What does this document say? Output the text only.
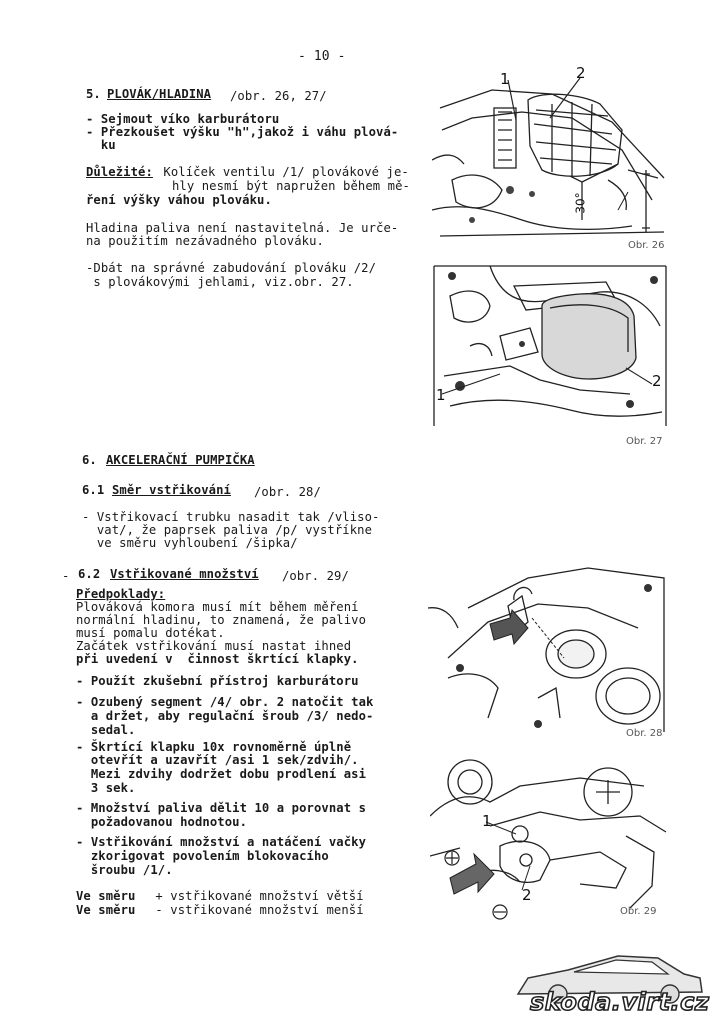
- 10 -
5. PLOVÁK/HLADINA /obr. 26, 27/
- Sejmout víko karburátoru
- Přezkoušet výšku "h",jakož i váhu plová-
ku
Důležité: Kolíček ventilu /1/ plovákové je-
hly nesmí být napružen během mě-
ření výšky váhou plováku.
Hladina paliva není nastavitelná. Je urče-
na použitím nezávadného plováku.
-Dbát na správné zabudování plováku /2/
s plovákovými jehlami, viz.obr. 27.
6. AKCELERAČNÍ PUMPIČKA
6.1 Směr vstřikování /obr. 28/
- Vstřikovací trubku nasadit tak /vliso-
vat/, že paprsek paliva /p/ vystříkne
ve směru vyhloubení /šipka/
- 6.2 Vstřikované množství /obr. 29/
Předpoklady:
Plováková komora musí mít během měření
normální hladinu, to znamená, že palivo
musí pomalu dotékat.
Začátek vstřikování musí nastat ihned
při uvedení v  činnost škrtící klapky.
- Použít zkušební přístroj karburátoru
- Ozubený segment /4/ obr. 2 natočit tak
a držet, aby regulační šroub /3/ nedo-
sedal.
- Škrtící klapku 10x rovnoměrně úplně
otevřít a uzavřít /asi 1 sek/zdvih/.
Mezi zdvihy dodržet dobu prodlení asi
3 sek.
- Množství paliva dělit 10 a porovnat s
požadovanou hodnotou.
- Vstřikování množství a natáčení vačky
zkorigovat povolením blokovacího
šroubu /1/.
Ve směru + vstřikované množství větší
Ve směru - vstřikované množství menší
1	2
30°
Obr. 26
1
2
Obr. 27
Obr. 28
1
2
Obr. 29
skoda.virt.cz
